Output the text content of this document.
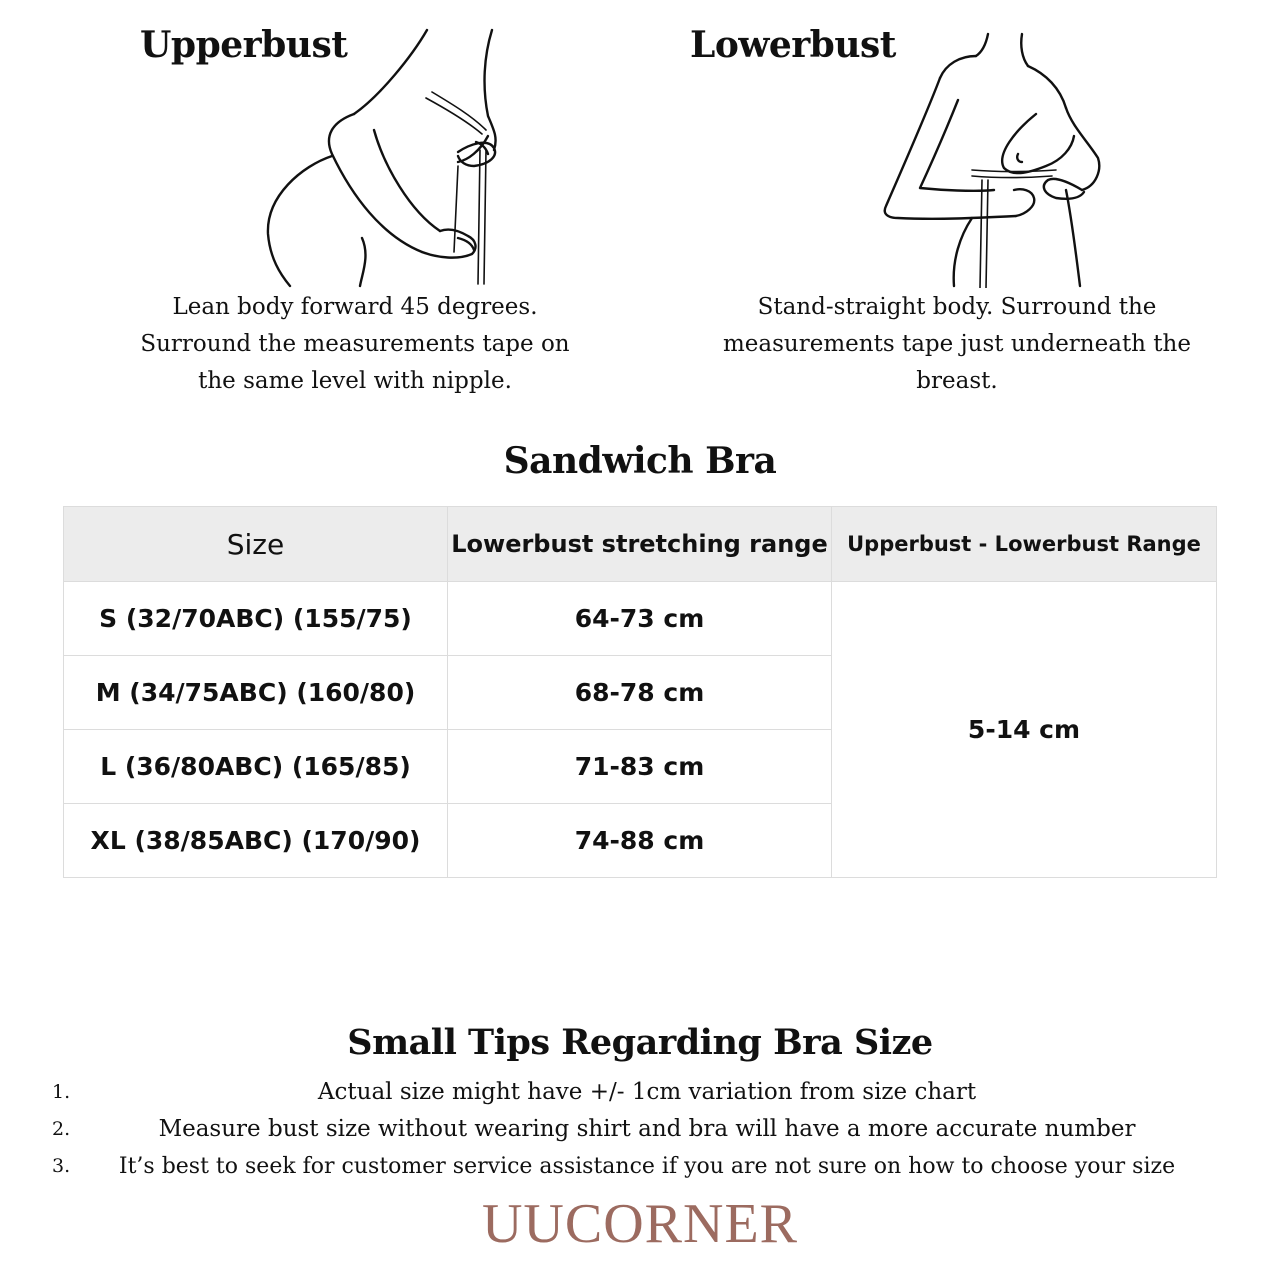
Upperbust
Lean body forward 45 degrees.
Surround the measurements tape on
the same level with nipple.
Lowerbust
Stand-straight body. Surround the
measurements tape just underneath the
breast.
Sandwich Bra
Size	Lowerbust stretching range	Upperbust - Lowerbust Range
S (32/70ABC) (155/75)	64-73 cm	5-14 cm
M (34/75ABC) (160/80)	68-78 cm	
L (36/80ABC) (165/85)	71-83 cm	
XL (38/85ABC) (170/90)	74-88 cm	
Small Tips Regarding Bra Size
1.	Actual size might have +/- 1cm variation from size chart
2.	Measure bust size without wearing shirt and bra will have a more accurate number
3.	It’s best to seek for customer service assistance if you are not sure on how to choose your size
UUCORNER
